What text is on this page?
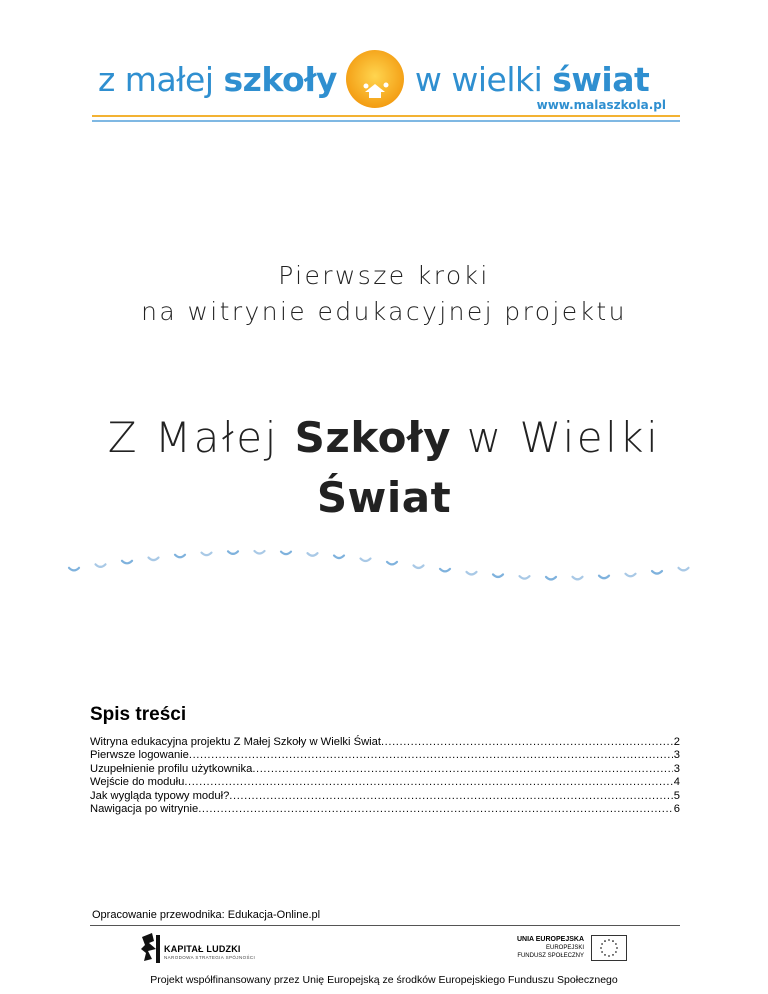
z małej szkoły w wielki świat
www.malaszkola.pl
Pierwsze kroki
na witrynie edukacyjnej projektu
Z Małej Szkoły w Wielki
Świat
Spis treści
Witryna edukacyjna projektu Z Małej Szkoły w Wielki Świat .....	2
Pierwsze logowanie .....	3
Uzupełnienie profilu użytkownika .....	3
Wejście do modułu .....	4
Jak wygląda typowy moduł? .....	5
Nawigacja po witrynie .....	6
Opracowanie przewodnika: Edukacja-Online.pl
KAPITAŁ LUDZKI
NARODOWA STRATEGIA SPÓJNOŚCI
UNIA EUROPEJSKA
EUROPEJSKI
FUNDUSZ SPOŁECZNY
Projekt współfinansowany przez Unię Europejską ze środków Europejskiego Funduszu Społecznego
